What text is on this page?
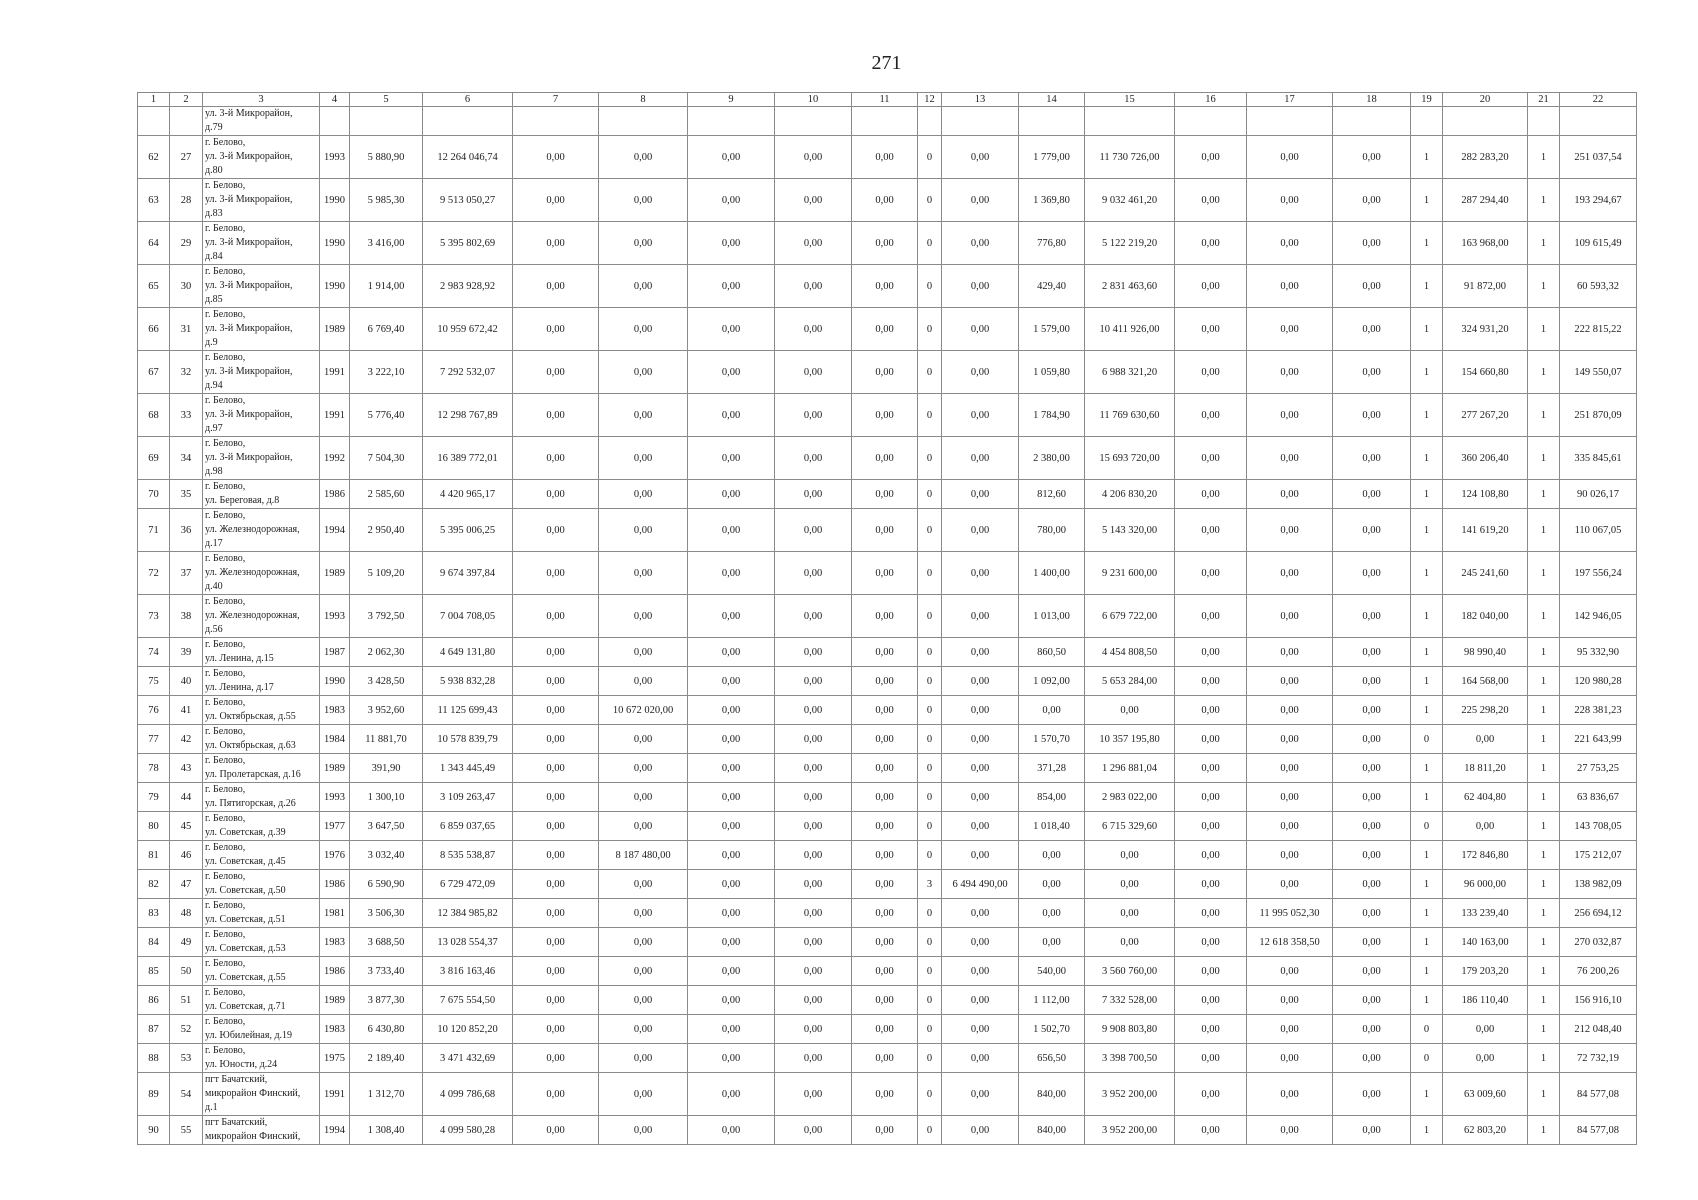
271
1	2	3	4	5	6	7	8	9	10	11	12	13	14	15	16	17	18	19	20	21	22

		ул. 3-й Микрорайон,
д.79																			

62	27	г. Белово,
ул. 3-й Микрорайон,
д.80	1993	5 880,90	12 264 046,74	0,00	0,00	0,00	0,00	0,00	0	0,00	1 779,00	11 730 726,00	0,00	0,00	0,00	1	282 283,20	1	251 037,54
63	28	г. Белово,
ул. 3-й Микрорайон,
д.83	1990	5 985,30	9 513 050,27	0,00	0,00	0,00	0,00	0,00	0	0,00	1 369,80	9 032 461,20	0,00	0,00	0,00	1	287 294,40	1	193 294,67
64	29	г. Белово,
ул. 3-й Микрорайон,
д.84	1990	3 416,00	5 395 802,69	0,00	0,00	0,00	0,00	0,00	0	0,00	776,80	5 122 219,20	0,00	0,00	0,00	1	163 968,00	1	109 615,49
65	30	г. Белово,
ул. 3-й Микрорайон,
д.85	1990	1 914,00	2 983 928,92	0,00	0,00	0,00	0,00	0,00	0	0,00	429,40	2 831 463,60	0,00	0,00	0,00	1	91 872,00	1	60 593,32
66	31	г. Белово,
ул. 3-й Микрорайон,
д.9	1989	6 769,40	10 959 672,42	0,00	0,00	0,00	0,00	0,00	0	0,00	1 579,00	10 411 926,00	0,00	0,00	0,00	1	324 931,20	1	222 815,22
67	32	г. Белово,
ул. 3-й Микрорайон,
д.94	1991	3 222,10	7 292 532,07	0,00	0,00	0,00	0,00	0,00	0	0,00	1 059,80	6 988 321,20	0,00	0,00	0,00	1	154 660,80	1	149 550,07
68	33	г. Белово,
ул. 3-й Микрорайон,
д.97	1991	5 776,40	12 298 767,89	0,00	0,00	0,00	0,00	0,00	0	0,00	1 784,90	11 769 630,60	0,00	0,00	0,00	1	277 267,20	1	251 870,09
69	34	г. Белово,
ул. 3-й Микрорайон,
д.98	1992	7 504,30	16 389 772,01	0,00	0,00	0,00	0,00	0,00	0	0,00	2 380,00	15 693 720,00	0,00	0,00	0,00	1	360 206,40	1	335 845,61
70	35	г. Белово,
ул. Береговая, д.8	1986	2 585,60	4 420 965,17	0,00	0,00	0,00	0,00	0,00	0	0,00	812,60	4 206 830,20	0,00	0,00	0,00	1	124 108,80	1	90 026,17
71	36	г. Белово,
ул. Железнодорожная,
д.17	1994	2 950,40	5 395 006,25	0,00	0,00	0,00	0,00	0,00	0	0,00	780,00	5 143 320,00	0,00	0,00	0,00	1	141 619,20	1	110 067,05
72	37	г. Белово,
ул. Железнодорожная,
д.40	1989	5 109,20	9 674 397,84	0,00	0,00	0,00	0,00	0,00	0	0,00	1 400,00	9 231 600,00	0,00	0,00	0,00	1	245 241,60	1	197 556,24
73	38	г. Белово,
ул. Железнодорожная,
д.56	1993	3 792,50	7 004 708,05	0,00	0,00	0,00	0,00	0,00	0	0,00	1 013,00	6 679 722,00	0,00	0,00	0,00	1	182 040,00	1	142 946,05
74	39	г. Белово,
ул. Ленина, д.15	1987	2 062,30	4 649 131,80	0,00	0,00	0,00	0,00	0,00	0	0,00	860,50	4 454 808,50	0,00	0,00	0,00	1	98 990,40	1	95 332,90
75	40	г. Белово,
ул. Ленина, д.17	1990	3 428,50	5 938 832,28	0,00	0,00	0,00	0,00	0,00	0	0,00	1 092,00	5 653 284,00	0,00	0,00	0,00	1	164 568,00	1	120 980,28
76	41	г. Белово,
ул. Октябрьская, д.55	1983	3 952,60	11 125 699,43	0,00	10 672 020,00	0,00	0,00	0,00	0	0,00	0,00	0,00	0,00	0,00	0,00	1	225 298,20	1	228 381,23
77	42	г. Белово,
ул. Октябрьская, д.63	1984	11 881,70	10 578 839,79	0,00	0,00	0,00	0,00	0,00	0	0,00	1 570,70	10 357 195,80	0,00	0,00	0,00	0	0,00	1	221 643,99
78	43	г. Белово,
ул. Пролетарская, д.16	1989	391,90	1 343 445,49	0,00	0,00	0,00	0,00	0,00	0	0,00	371,28	1 296 881,04	0,00	0,00	0,00	1	18 811,20	1	27 753,25
79	44	г. Белово,
ул. Пятигорская, д.26	1993	1 300,10	3 109 263,47	0,00	0,00	0,00	0,00	0,00	0	0,00	854,00	2 983 022,00	0,00	0,00	0,00	1	62 404,80	1	63 836,67
80	45	г. Белово,
ул. Советская, д.39	1977	3 647,50	6 859 037,65	0,00	0,00	0,00	0,00	0,00	0	0,00	1 018,40	6 715 329,60	0,00	0,00	0,00	0	0,00	1	143 708,05
81	46	г. Белово,
ул. Советская, д.45	1976	3 032,40	8 535 538,87	0,00	8 187 480,00	0,00	0,00	0,00	0	0,00	0,00	0,00	0,00	0,00	0,00	1	172 846,80	1	175 212,07
82	47	г. Белово,
ул. Советская, д.50	1986	6 590,90	6 729 472,09	0,00	0,00	0,00	0,00	0,00	3	6 494 490,00	0,00	0,00	0,00	0,00	0,00	1	96 000,00	1	138 982,09
83	48	г. Белово,
ул. Советская, д.51	1981	3 506,30	12 384 985,82	0,00	0,00	0,00	0,00	0,00	0	0,00	0,00	0,00	0,00	11 995 052,30	0,00	1	133 239,40	1	256 694,12
84	49	г. Белово,
ул. Советская, д.53	1983	3 688,50	13 028 554,37	0,00	0,00	0,00	0,00	0,00	0	0,00	0,00	0,00	0,00	12 618 358,50	0,00	1	140 163,00	1	270 032,87
85	50	г. Белово,
ул. Советская, д.55	1986	3 733,40	3 816 163,46	0,00	0,00	0,00	0,00	0,00	0	0,00	540,00	3 560 760,00	0,00	0,00	0,00	1	179 203,20	1	76 200,26
86	51	г. Белово,
ул. Советская, д.71	1989	3 877,30	7 675 554,50	0,00	0,00	0,00	0,00	0,00	0	0,00	1 112,00	7 332 528,00	0,00	0,00	0,00	1	186 110,40	1	156 916,10
87	52	г. Белово,
ул. Юбилейная, д.19	1983	6 430,80	10 120 852,20	0,00	0,00	0,00	0,00	0,00	0	0,00	1 502,70	9 908 803,80	0,00	0,00	0,00	0	0,00	1	212 048,40
88	53	г. Белово,
ул. Юности, д.24	1975	2 189,40	3 471 432,69	0,00	0,00	0,00	0,00	0,00	0	0,00	656,50	3 398 700,50	0,00	0,00	0,00	0	0,00	1	72 732,19
89	54	пгт Бачатский,
микрорайон Финский,
д.1	1991	1 312,70	4 099 786,68	0,00	0,00	0,00	0,00	0,00	0	0,00	840,00	3 952 200,00	0,00	0,00	0,00	1	63 009,60	1	84 577,08
90	55	пгт Бачатский,
микрорайон Финский,	1994	1 308,40	4 099 580,28	0,00	0,00	0,00	0,00	0,00	0	0,00	840,00	3 952 200,00	0,00	0,00	0,00	1	62 803,20	1	84 577,08
